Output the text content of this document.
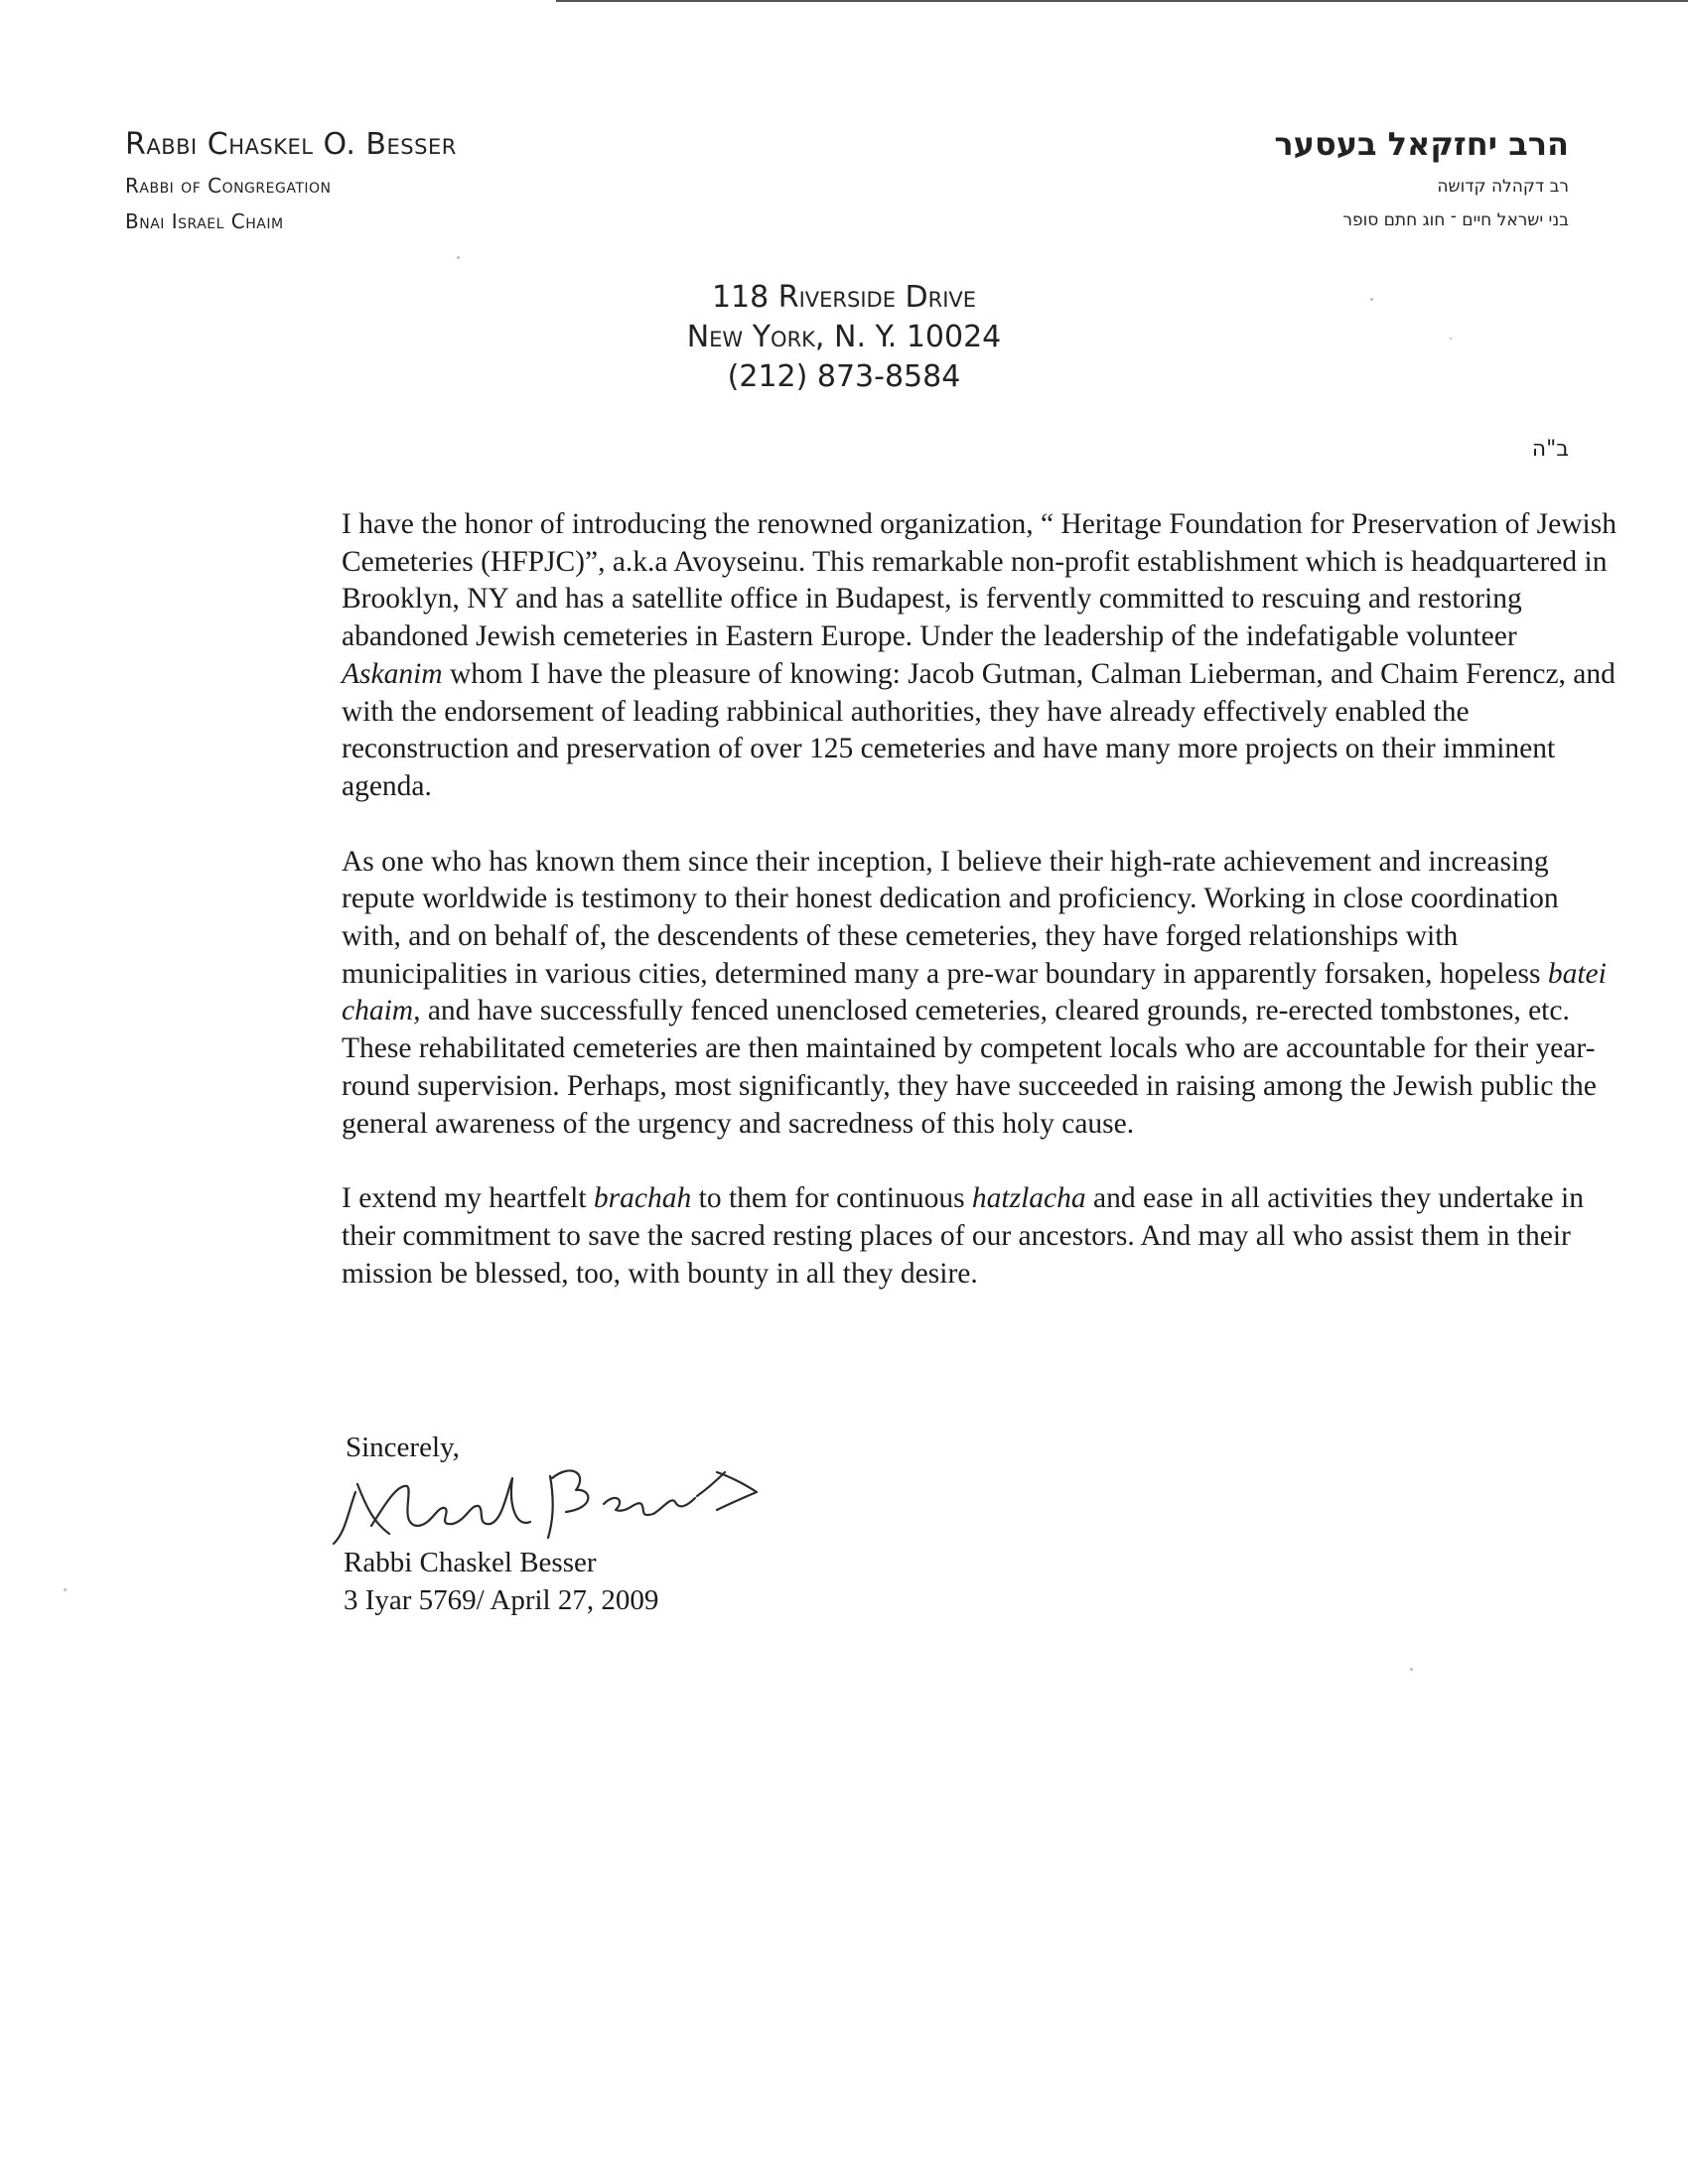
Rabbi Chaskel O. Besser
Rabbi of Congregation
Bnai Israel Chaim
הרב יחזקאל בעסער
רב דקהלה קדושה
בני ישראל חיים ־ חוג חתם סופר
118 Riverside Drive
New York, N. Y. 10024
(212) 873-8584
ב"ה

I have the honor of introducing the renowned organization, “ Heritage Foundation for Preservation of Jewish Cemeteries (HFPJC)”, a.k.a Avoyseinu. This remarkable non-profit establishment which is headquartered in Brooklyn, NY and has a satellite office in Budapest, is fervently committed to rescuing and restoring abandoned Jewish cemeteries in Eastern Europe. Under the leadership of the indefatigable volunteer Askanim whom I have the pleasure of knowing: Jacob Gutman, Calman Lieberman, and Chaim Ferencz, and with the endorsement of leading rabbinical authorities, they have already effectively enabled the reconstruction and preservation of over 125 cemeteries and have many more projects on their imminent agenda.

As one who has known them since their inception, I believe their high-rate achievement and increasing repute worldwide is testimony to their honest dedication and proficiency. Working in close coordination with, and on behalf of, the descendents of these cemeteries, they have forged relationships with municipalities in various cities, determined many a pre-war boundary in apparently forsaken, hopeless batei chaim, and have successfully fenced unenclosed cemeteries, cleared grounds, re-erected tombstones, etc. These rehabilitated cemeteries are then maintained by competent locals who are accountable for their year-round supervision. Perhaps, most significantly, they have succeeded in raising among the Jewish public the general awareness of the urgency and sacredness of this holy cause.

I extend my heartfelt brachah to them for continuous hatzlacha and ease in all activities they undertake in their commitment to save the sacred resting places of our ancestors. And may all who assist them in their mission be blessed, too, with bounty in all they desire.

Sincerely,
Rabbi Chaskel Besser
3 Iyar 5769/ April 27, 2009
